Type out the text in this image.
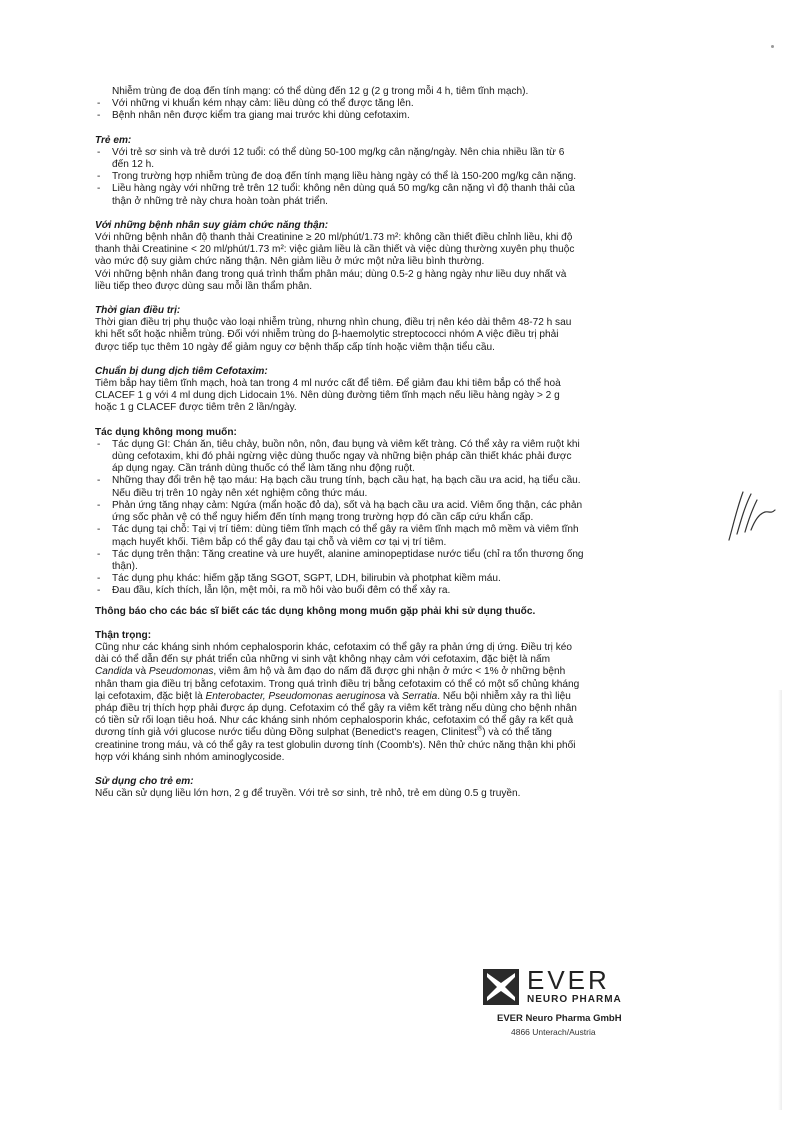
Nhiễm trùng đe doạ đến tính mạng: có thể dùng đến 12 g (2 g trong mỗi 4 h, tiêm tĩnh mạch).

- Với những vi khuẩn kém nhạy cảm: liều dùng có thể được tăng lên.
- Bệnh nhân nên được kiểm tra giang mai trước khi dùng cefotaxim.

Trẻ em:

- Với trẻ sơ sinh và trẻ dưới 12 tuổi: có thể dùng 50-100 mg/kg cân nặng/ngày. Nên chia nhiều lần từ 6
đến 12 h.
- Trong trường hợp nhiễm trùng đe doạ đến tính mạng liều hàng ngày có thể là 150-200 mg/kg cân nặng.
- Liều hàng ngày với những trẻ trên 12 tuổi: không nên dùng quá 50 mg/kg cân nặng vì độ thanh thải của
thận ở những trẻ này chưa hoàn toàn phát triển.

Với những bệnh nhân suy giảm chức năng thận:

Với những bệnh nhân độ thanh thải Creatinine ≥ 20 ml/phút/1.73 m²: không cần thiết điều chỉnh liều, khi độ

thanh thải Creatinine < 20 ml/phút/1.73 m²: việc giảm liều là cần thiết và việc dùng thường xuyên phụ thuộc

vào mức độ suy giảm chức năng thận. Nên giảm liều ở mức một nửa liều bình thường.

Với những bệnh nhân đang trong quá trình thẩm phân máu; dùng 0.5-2 g hàng ngày như liều duy nhất và

liều tiếp theo được dùng sau mỗi lần thẩm phân.

Thời gian điều trị:

Thời gian điều trị phụ thuộc vào loại nhiễm trùng, nhưng nhìn chung, điều trị nên kéo dài thêm 48-72 h sau

khi hết sốt hoặc nhiễm trùng. Đối với nhiễm trùng do β-haemolytic streptococci nhóm A việc điều trị phải

được tiếp tục thêm 10 ngày để giảm nguy cơ bệnh thấp cấp tính hoặc viêm thận tiểu cầu.

Chuẩn bị dung dịch tiêm Cefotaxim:

Tiêm bắp hay tiêm tĩnh mạch, hoà tan trong 4 ml nước cất để tiêm. Để giảm đau khi tiêm bắp có thể hoà

CLACEF 1 g với 4 ml dung dịch Lidocain 1%. Nên dùng đường tiêm tĩnh mạch nếu liều hàng ngày > 2 g

hoặc 1 g CLACEF được tiêm trên 2 lần/ngày.

Tác dụng không mong muốn:

- Tác dụng GI: Chán ăn, tiêu chảy, buồn nôn, nôn, đau bụng và viêm kết tràng. Có thể xảy ra viêm ruột khi
dùng cefotaxim, khi đó phải ngừng việc dùng thuốc ngay và những biện pháp cần thiết khác phải được
áp dụng ngay. Cần tránh dùng thuốc có thể làm tăng nhu động ruột.
- Những thay đổi trên hệ tạo máu: Hạ bạch cầu trung tính, bạch cầu hạt, hạ bạch cầu ưa acid, hạ tiểu cầu.
Nếu điều trị trên 10 ngày nên xét nghiệm công thức máu.
- Phản ứng tăng nhạy cảm: Ngứa (mẩn hoặc đỏ da), sốt và hạ bạch cầu ưa acid. Viêm ống thận, các phản
ứng sốc phản vệ có thể nguy hiểm đến tính mạng trong trường hợp đó cần cấp cứu khẩn cấp.
- Tác dụng tại chỗ: Tại vị trí tiêm: dùng tiêm tĩnh mạch có thể gây ra viêm tĩnh mạch mô mềm và viêm tĩnh
mạch huyết khối. Tiêm bắp có thể gây đau tại chỗ và viêm cơ tại vị trí tiêm.
- Tác dụng trên thận: Tăng creatine và ure huyết, alanine aminopeptidase nước tiểu (chỉ ra tổn thương ống
thận).
- Tác dụng phụ khác: hiếm gặp tăng SGOT, SGPT, LDH, bilirubin và photphat kiềm máu.
- Đau đầu, kích thích, lẫn lộn, mệt mỏi, ra mồ hôi vào buổi đêm có thể xảy ra.

Thông báo cho các bác sĩ biết các tác dụng không mong muốn gặp phải khi sử dụng thuốc.

Thận trọng:

Cũng như các kháng sinh nhóm cephalosporin khác, cefotaxim có thể gây ra phản ứng dị ứng. Điều trị kéo

dài có thể dẫn đến sự phát triển của những vi sinh vật không nhạy cảm với cefotaxim, đặc biệt là nấm

Candida và Pseudomonas, viêm âm hộ và âm đạo do nấm đã được ghi nhận ở mức < 1% ở những bệnh

nhân tham gia điều trị bằng cefotaxim. Trong quá trình điều trị bằng cefotaxim có thể có một số chủng kháng

lại cefotaxim, đặc biệt là Enterobacter, Pseudomonas aeruginosa và Serratia. Nếu bội nhiễm xảy ra thì liệu

pháp điều trị thích hợp phải được áp dụng. Cefotaxim có thể gây ra viêm kết tràng nếu dùng cho bệnh nhân

có tiền sử rối loạn tiêu hoá. Như các kháng sinh nhóm cephalosporin khác, cefotaxim có thể gây ra kết quả

dương tính giả với glucose nước tiểu dùng Đồng sulphat (Benedict's reagen, Clinitest®) và có thể tăng

creatinine trong máu, và có thể gây ra test globulin dương tính (Coomb's). Nên thử chức năng thận khi phối

hợp với kháng sinh nhóm aminoglycoside.

Sử dụng cho trẻ em:

Nếu cần sử dụng liều lớn hơn, 2 g để truyền. Với trẻ sơ sinh, trẻ nhỏ, trẻ em dùng 0.5 g truyền.

EVER
NEURO PHARMA
EVER Neuro Pharma GmbH
4866 Unterach/Austria
